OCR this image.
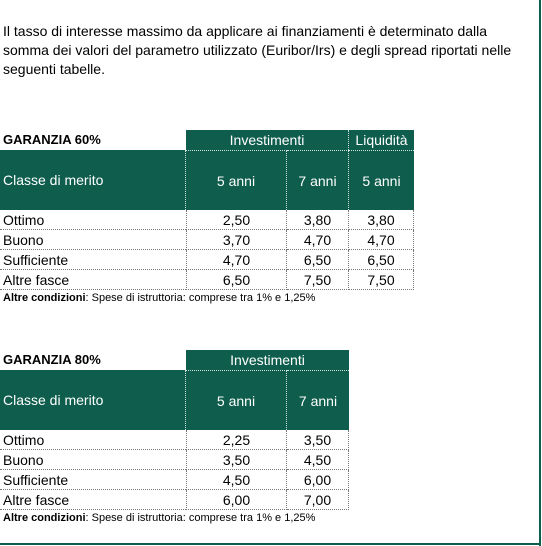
Il tasso di interesse massimo da applicare ai finanziamenti è determinato dalla somma dei valori del parametro utilizzato (Euribor/Irs) e degli spread riportati nelle seguenti tabelle.
GARANZIA 60%	Investimenti	Liquidità
Classe di merito	5 anni	7 anni	5 anni
Ottimo	2,50	3,80	3,80
Buono	3,70	4,70	4,70
Sufficiente	4,70	6,50	6,50
Altre fasce	6,50	7,50	7,50
Altre condizioni: Spese di istruttoria: comprese tra 1% e 1,25%
GARANZIA 80%	Investimenti
Classe di merito	5 anni	7 anni
Ottimo	2,25	3,50
Buono	3,50	4,50
Sufficiente	4,50	6,00
Altre fasce	6,00	7,00
Altre condizioni: Spese di istruttoria: comprese tra 1% e 1,25%
